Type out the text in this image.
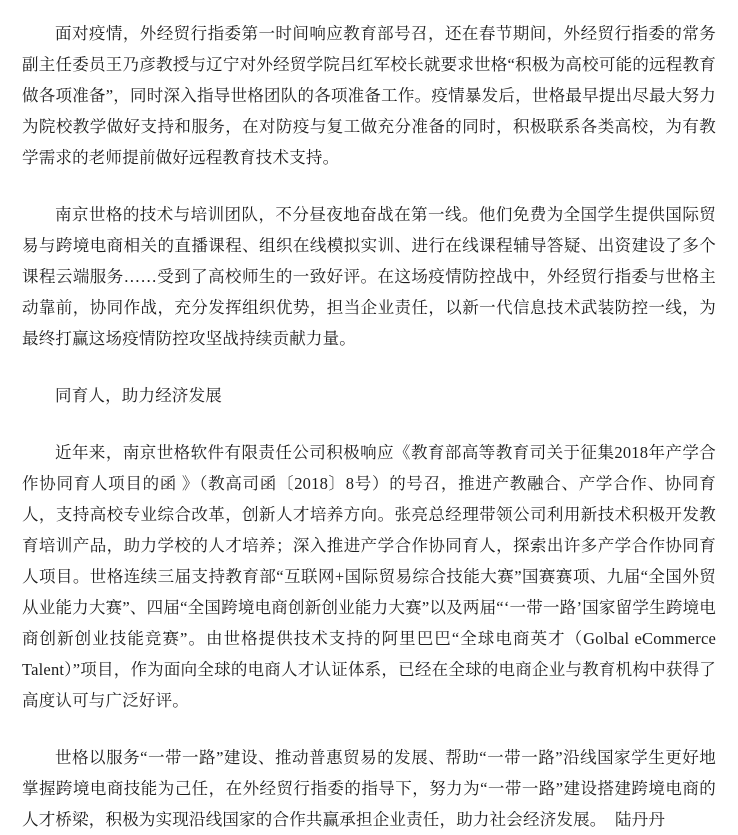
面对疫情，外经贸行指委第一时间响应教育部号召，还在春节期间，外经贸行指委的常务副主任委员王乃彦教授与辽宁对外经贸学院吕红军校长就要求世格“积极为高校可能的远程教育做各项准备”，同时深入指导世格团队的各项准备工作。疫情暴发后，世格最早提出尽最大努力为院校教学做好支持和服务，在对防疫与复工做充分准备的同时，积极联系各类高校，为有教学需求的老师提前做好远程教育技术支持。

南京世格的技术与培训团队，不分昼夜地奋战在第一线。他们免费为全国学生提供国际贸易与跨境电商相关的直播课程、组织在线模拟实训、进行在线课程辅导答疑、出资建设了多个课程云端服务……受到了高校师生的一致好评。在这场疫情防控战中，外经贸行指委与世格主动靠前，协同作战，充分发挥组织优势，担当企业责任，以新一代信息技术武装防控一线，为最终打赢这场疫情防控攻坚战持续贡献力量。

同育人，助力经济发展

近年来，南京世格软件有限责任公司积极响应《教育部高等教育司关于征集2018年产学合作协同育人项目的函 》（教高司函〔2018〕8号）的号召，推进产教融合、产学合作、协同育人，支持高校专业综合改革，创新人才培养方向。张亮总经理带领公司利用新技术积极开发教育培训产品，助力学校的人才培养；深入推进产学合作协同育人，探索出许多产学合作协同育人项目。世格连续三届支持教育部“互联网+国际贸易综合技能大赛”国赛赛项、九届“全国外贸从业能力大赛”、四届“全国跨境电商创新创业能力大赛”以及两届“‘一带一路’国家留学生跨境电商创新创业技能竞赛”。由世格提供技术支持的阿里巴巴“全球电商英才（Golbal eCommerce Talent）”项目，作为面向全球的电商人才认证体系，已经在全球的电商企业与教育机构中获得了高度认可与广泛好评。

世格以服务“一带一路”建设、推动普惠贸易的发展、帮助“一带一路”沿线国家学生更好地掌握跨境电商技能为己任，在外经贸行指委的指导下，努力为“一带一路”建设搭建跨境电商的人才桥梁，积极为实现沿线国家的合作共赢承担企业责任，助力社会经济发展。　陆丹丹
